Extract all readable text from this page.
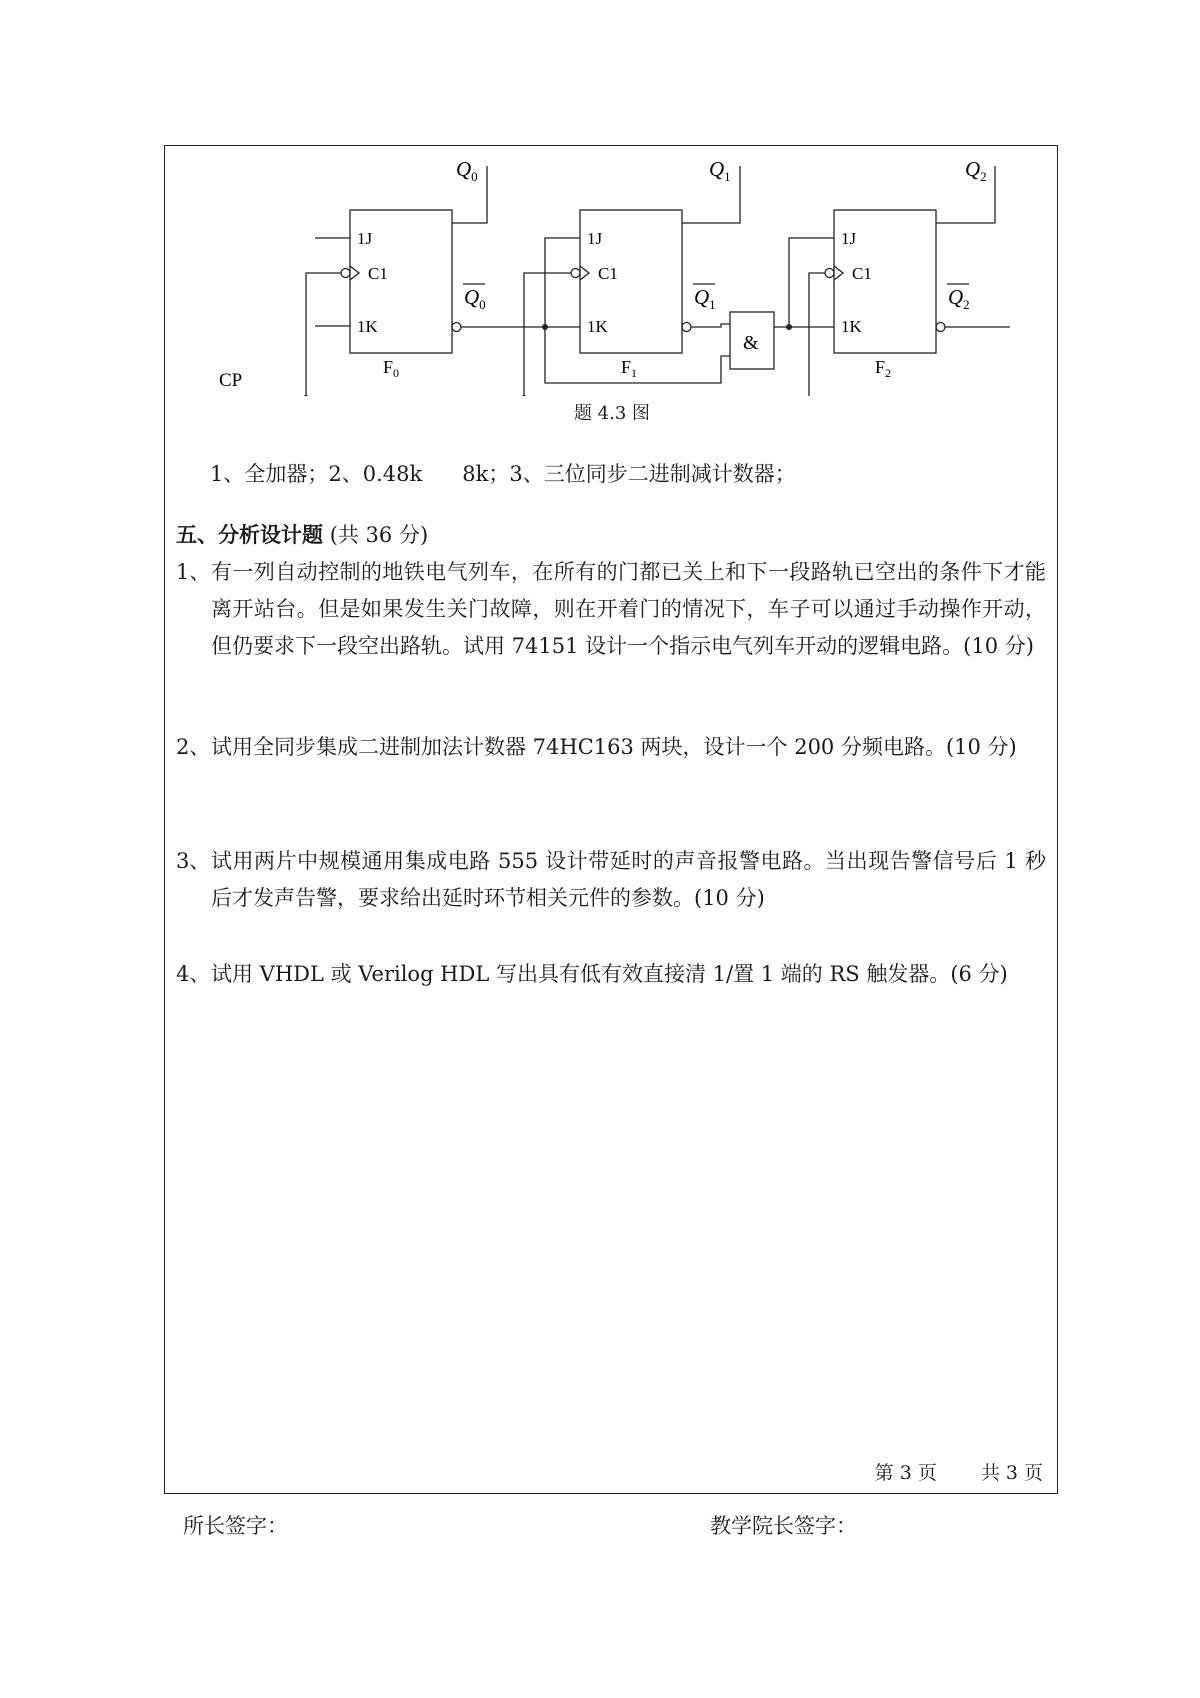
&
CP
1J
C1
1K
1J
C1
1K
1J
C1
1K
$F_0$	$F_1$	$F_2$
$Q_0$	$Q_1$	$Q_2$
$Q_0$	$Q_1$	$Q_2$
题 4.3 图
1、全加器；2、0.48k      8k；3、三位同步二进制减计数器；
五、分析设计题 (共 36 分)
1、 有一列自动控制的地铁电气列车，在所有的门都已关上和下一段路轨已空出的条件下才能离开站台。但是如果发生关门故障，则在开着门的情况下，车子可以通过手动操作开动，但仍要求下一段空出路轨。试用 74151 设计一个指示电气列车开动的逻辑电路。(10 分)
2、 试用全同步集成二进制加法计数器 74HC163 两块，设计一个 200 分频电路。(10 分)
3、 试用两片中规模通用集成电路 555 设计带延时的声音报警电路。当出现告警信号后 1 秒后才发声告警，要求给出延时环节相关元件的参数。(10 分)
4、 试用 VHDL 或 Verilog HDL 写出具有低有效直接清 1/置 1 端的 RS 触发器。(6 分)
第 3 页 共 3 页
所长签字：	教学院长签字：
